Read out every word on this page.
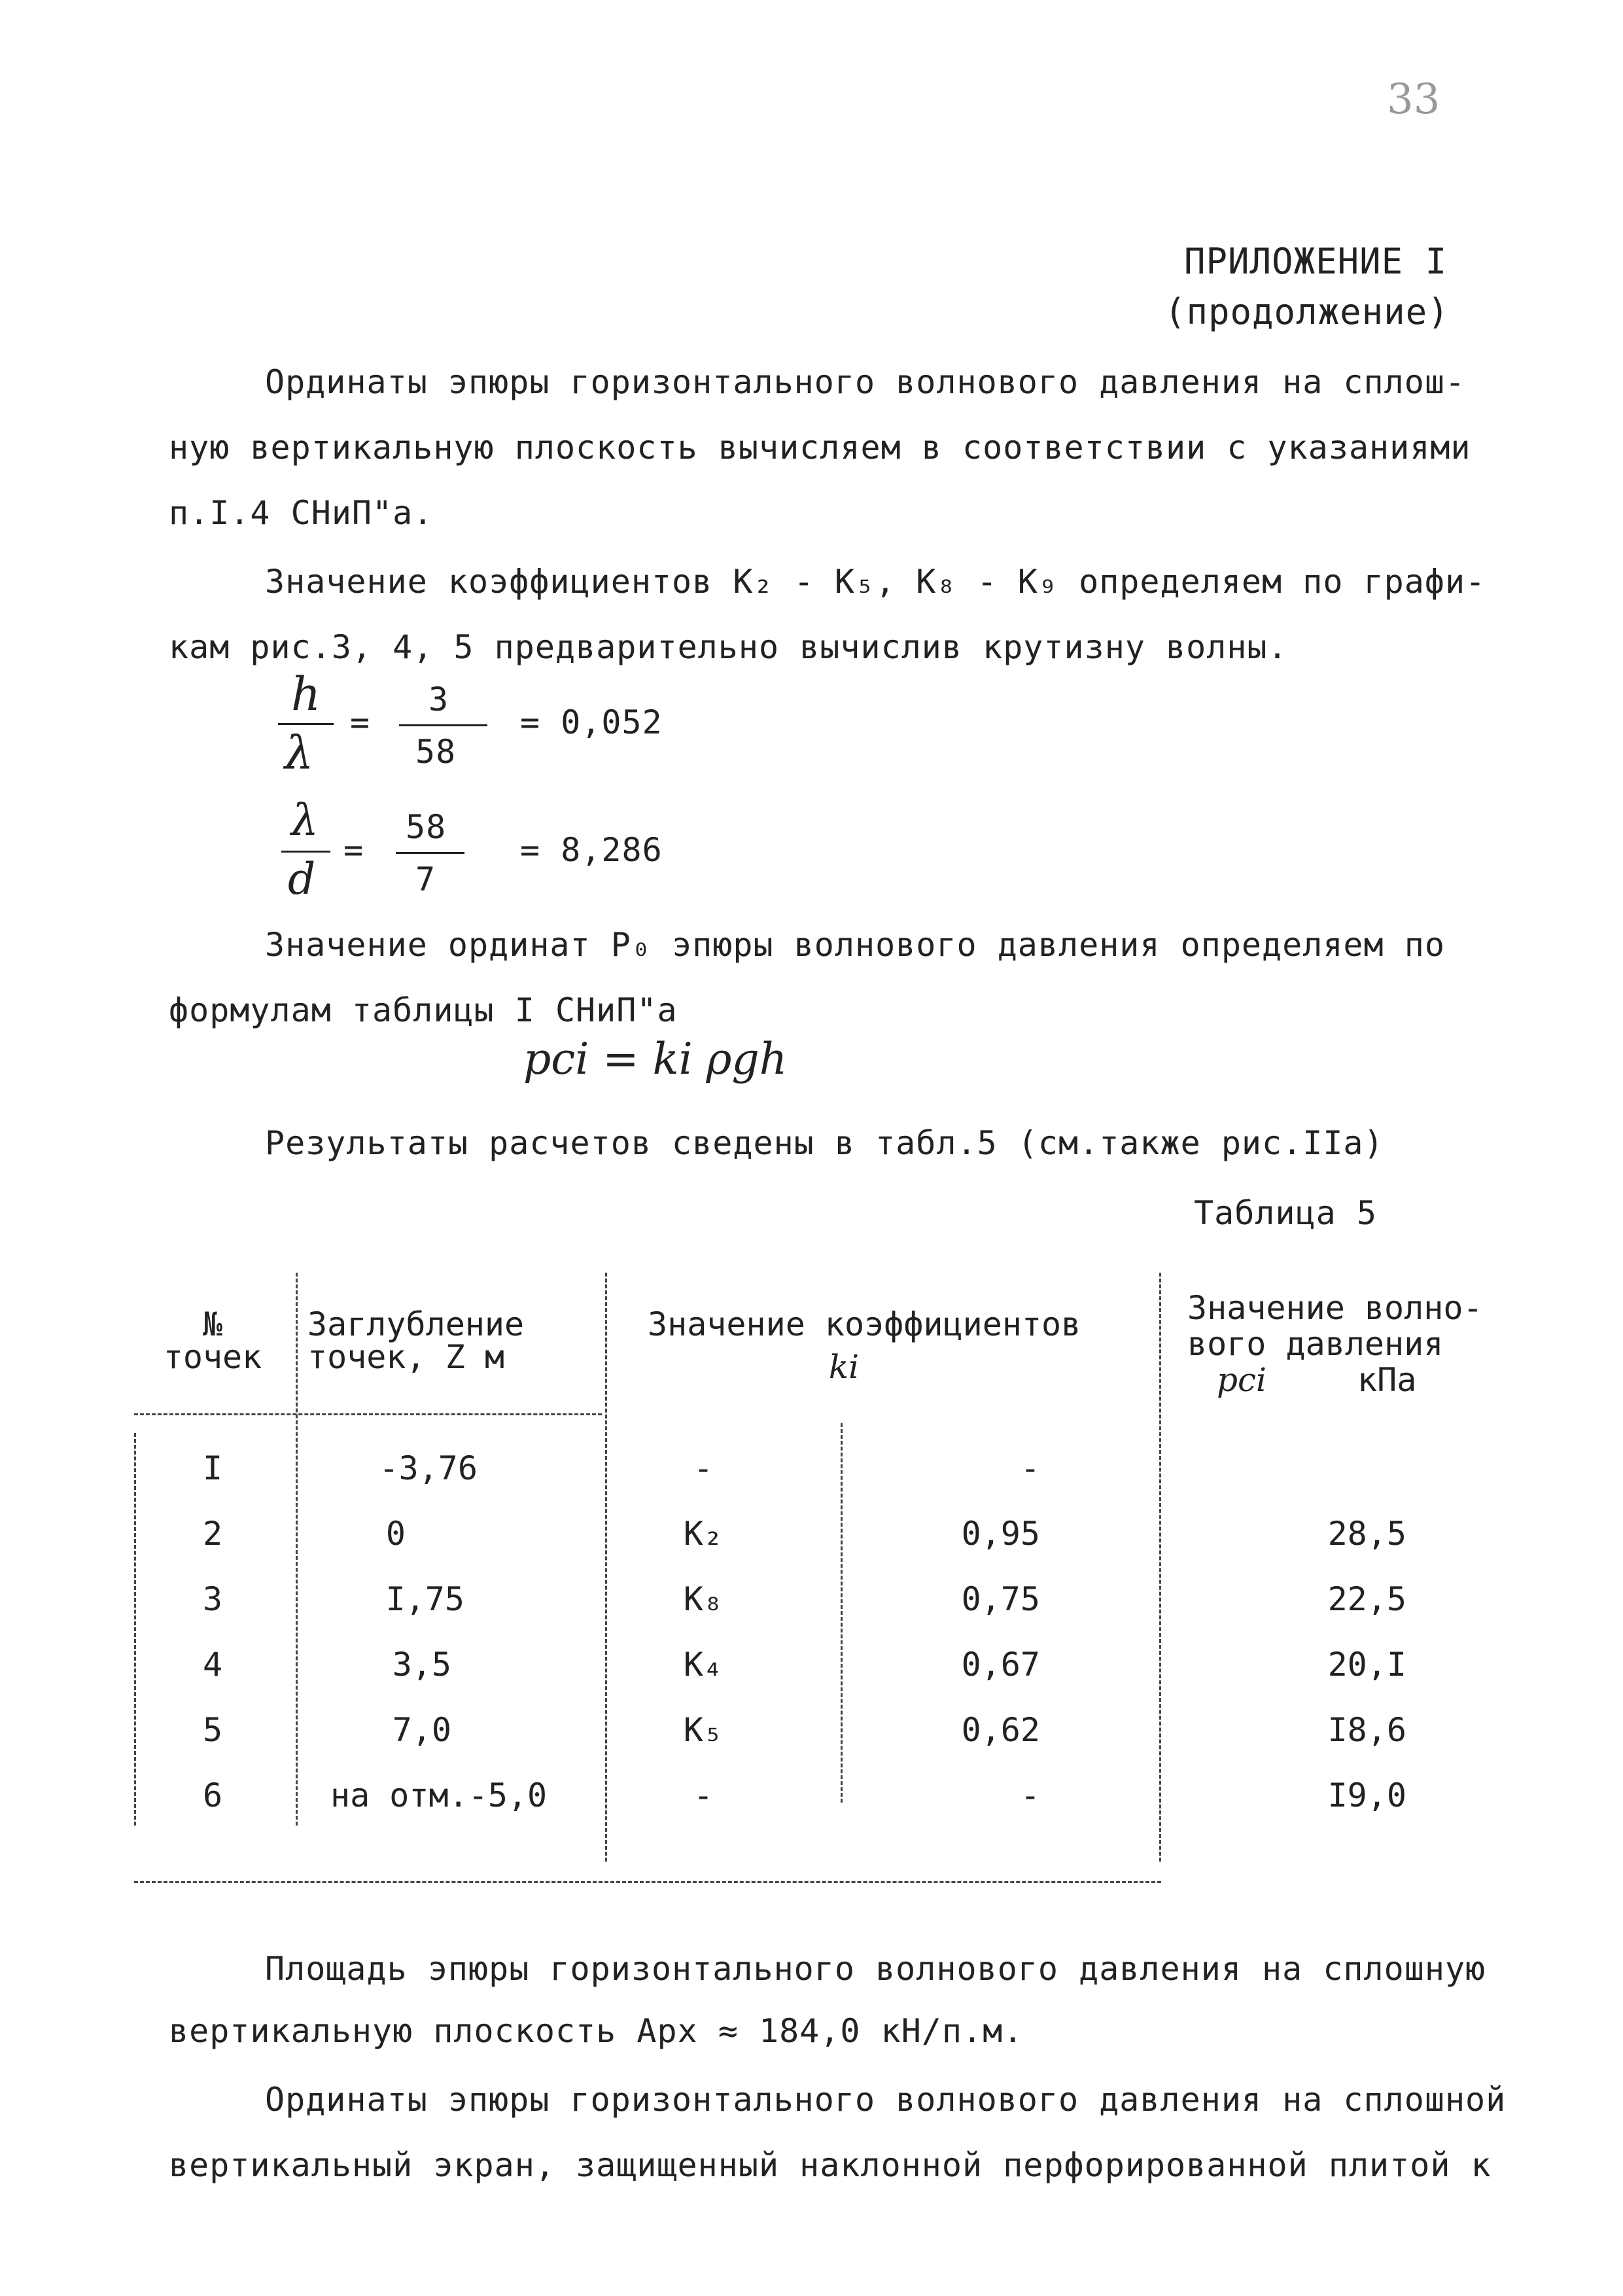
33
ПРИЛОЖЕНИЕ I
(продолжение)
Ординаты эпюры горизонтального волнового давления на сплош-
ную вертикальную плоскость вычисляем в соответствии с указаниями
п.I.4 СНиП"а.
Значение коэффициентов К₂ - К₅, К₈ - К₉ определяем по графи-
кам рис.3, 4, 5 предварительно вычислив крутизну волны.
h
λ
=
3
58
= 0,052
λ
d
=
58
7
= 8,286
Значение ординат P₀ эпюры волнового давления определяем по
формулам таблицы I СНиП"а
pci = ki ρgh
Результаты расчетов сведены в табл.5 (см.также рис.IIа)
Таблица 5
№
точек
Заглубление
точек, Z м
Значение коэффициентов
ki
Значение волно-
вого давления
pci	кПа
I	-3,76	-	-
2	0	К₂	0,95	28,5
3	I,75	К₈	0,75	22,5
4	3,5	К₄	0,67	20,I
5	7,0	К₅	0,62	I8,6
6	на отм.-5,0	-	-	I9,0
Площадь эпюры горизонтального волнового давления на сплошную
вертикальную плоскость Aрх ≈ 184,0 кН/п.м.
Ординаты эпюры горизонтального волнового давления на сплошной
вертикальный экран, защищенный наклонной перфорированной плитой к
